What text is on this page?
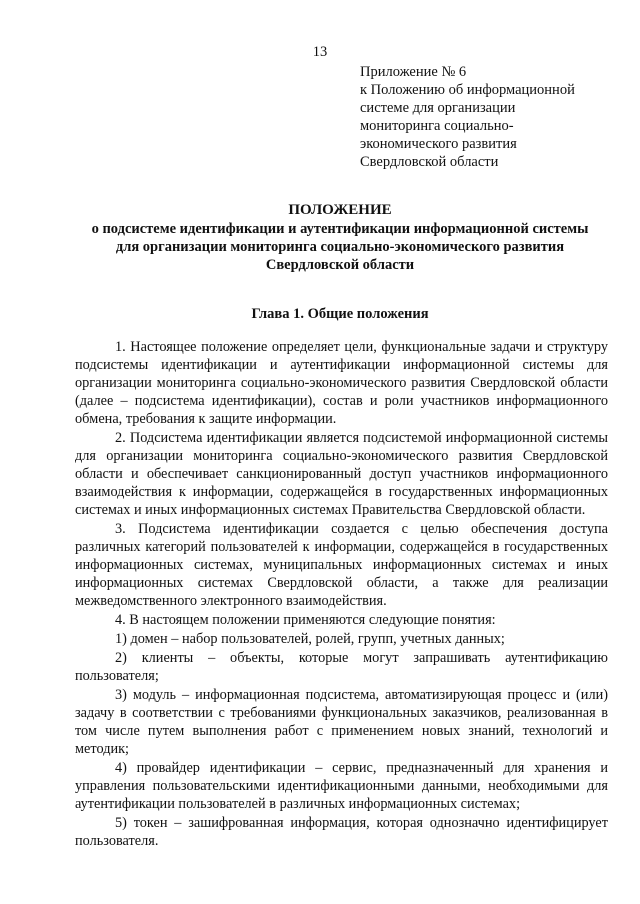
13
Приложение № 6
к Положению об информационной
системе для организации
мониторинга социально-
экономического развития
Свердловской области
ПОЛОЖЕНИЕ
о подсистеме идентификации и аутентификации информационной системы
для организации мониторинга социально-экономического развития
Свердловской области
Глава 1. Общие положения

1. Настоящее положение определяет цели, функциональные задачи и структуру подсистемы идентификации и аутентификации информационной системы для организации мониторинга социально-экономического развития Свердловской области (далее – подсистема идентификации), состав и роли участников информационного обмена, требования к защите информации.

2. Подсистема идентификации является подсистемой информационной системы для организации мониторинга социально-экономического развития Свердловской области и обеспечивает санкционированный доступ участников информационного взаимодействия к информации, содержащейся в государственных информационных системах и иных информационных системах Правительства Свердловской области.

3. Подсистема идентификации создается с целью обеспечения доступа различных категорий пользователей к информации, содержащейся в государственных информационных системах, муниципальных информационных системах и иных информационных системах Свердловской области, а также для реализации межведомственного электронного взаимодействия.

4. В настоящем положении применяются следующие понятия:

1) домен – набор пользователей, ролей, групп, учетных данных;

2) клиенты – объекты, которые могут запрашивать аутентификацию пользователя;

3) модуль – информационная подсистема, автоматизирующая процесс и (или) задачу в соответствии с требованиями функциональных заказчиков, реализованная в том числе путем выполнения работ с применением новых знаний, технологий и методик;

4) провайдер идентификации – сервис, предназначенный для хранения и управления пользовательскими идентификационными данными, необходимыми для аутентификации пользователей в различных информационных системах;

5) токен – зашифрованная информация, которая однозначно идентифицирует пользователя.
